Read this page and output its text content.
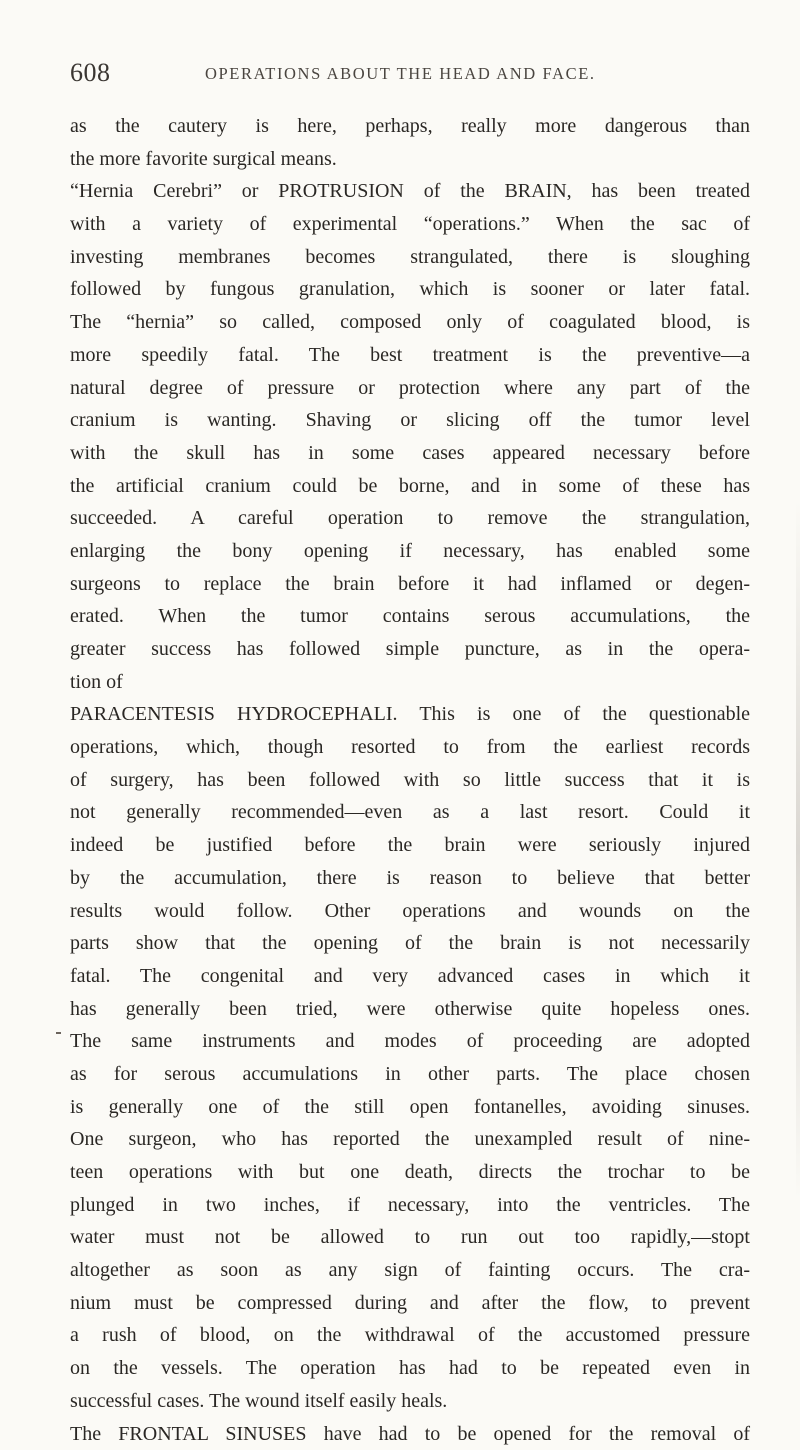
608	OPERATIONS ABOUT THE HEAD AND FACE.
as the cautery is here, perhaps, really more dangerous than
the more favorite surgical means.
“Hernia Cerebri” or PROTRUSION of the BRAIN, has been treated
with a variety of experimental “operations.” When the sac of
investing membranes becomes strangulated, there is sloughing
followed by fungous granulation, which is sooner or later fatal.
The “hernia” so called, composed only of coagulated blood, is
more speedily fatal. The best treatment is the preventive—a
natural degree of pressure or protection where any part of the
cranium is wanting. Shaving or slicing off the tumor level
with the skull has in some cases appeared necessary before
the artificial cranium could be borne, and in some of these has
succeeded. A careful operation to remove the strangulation,
enlarging the bony opening if necessary, has enabled some
surgeons to replace the brain before it had inflamed or degen-
erated. When the tumor contains serous accumulations, the
greater success has followed simple puncture, as in the opera-
tion of
PARACENTESIS HYDROCEPHALI. This is one of the questionable
operations, which, though resorted to from the earliest records
of surgery, has been followed with so little success that it is
not generally recommended—even as a last resort. Could it
indeed be justified before the brain were seriously injured
by the accumulation, there is reason to believe that better
results would follow. Other operations and wounds on the
parts show that the opening of the brain is not necessarily
fatal. The congenital and very advanced cases in which it
has generally been tried, were otherwise quite hopeless ones.
The same instruments and modes of proceeding are adopted
as for serous accumulations in other parts. The place chosen
is generally one of the still open fontanelles, avoiding sinuses.
One surgeon, who has reported the unexampled result of nine-
teen operations with but one death, directs the trochar to be
plunged in two inches, if necessary, into the ventricles. The
water must not be allowed to run out too rapidly,—stopt
altogether as soon as any sign of fainting occurs. The cra-
nium must be compressed during and after the flow, to prevent
a rush of blood, on the withdrawal of the accustomed pressure
on the vessels. The operation has had to be repeated even in
successful cases. The wound itself easily heals.
The FRONTAL SINUSES have had to be opened for the removal of
